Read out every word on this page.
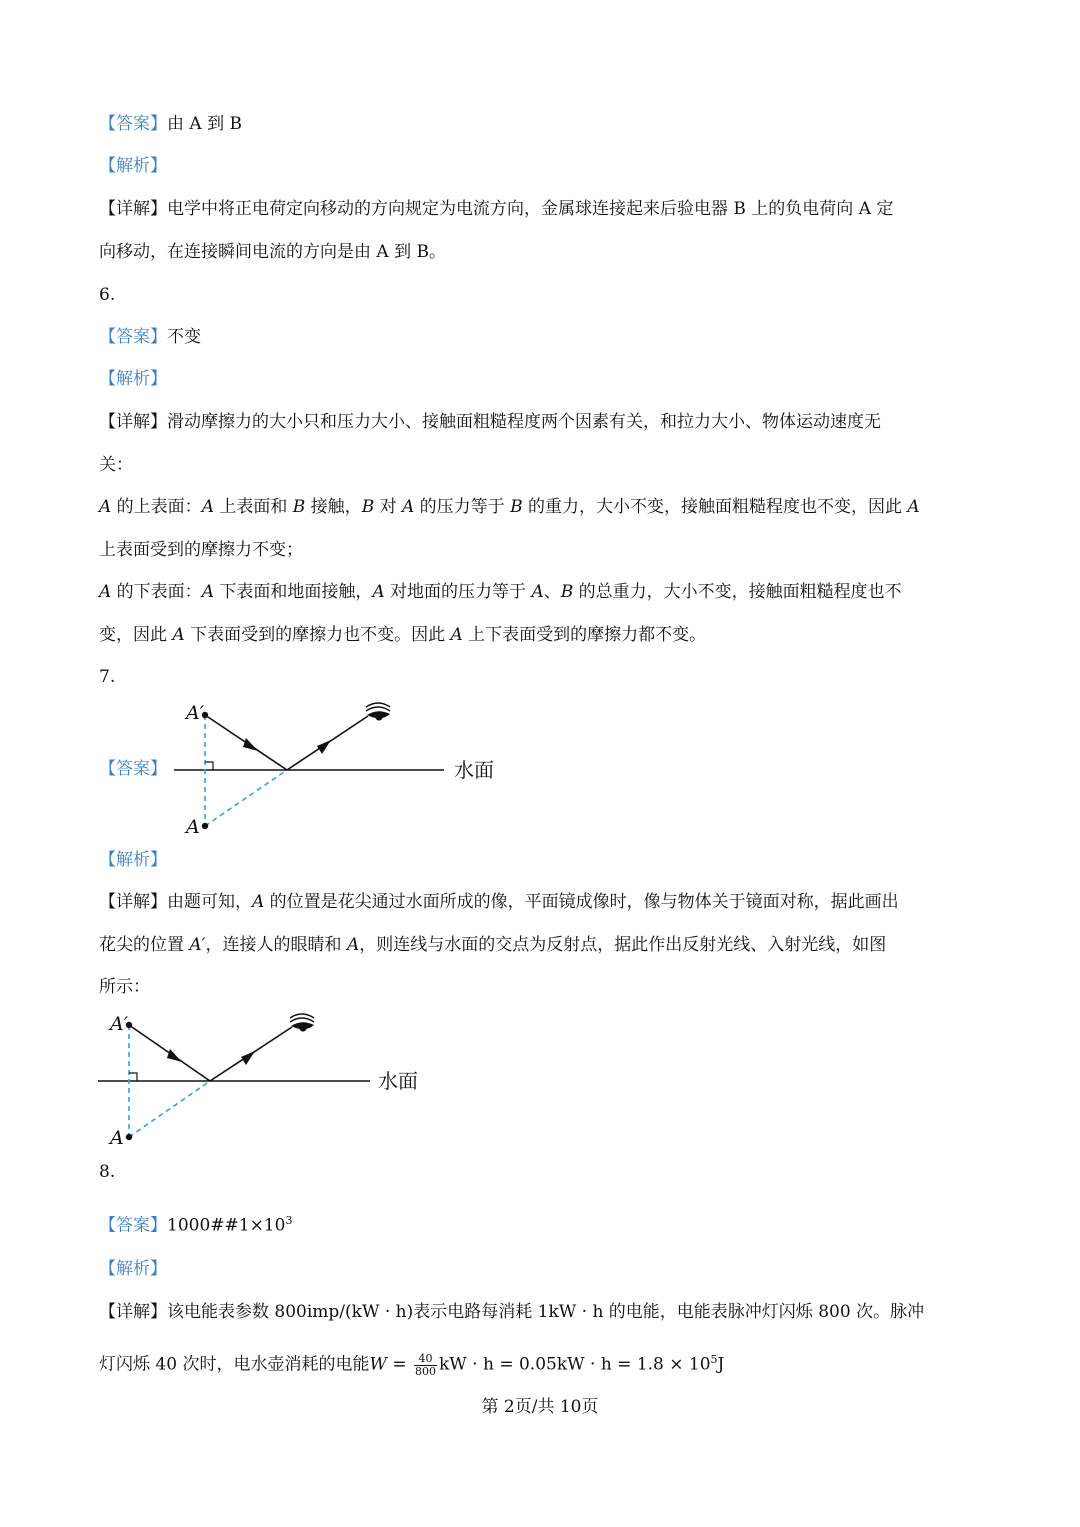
【答案】由 A 到 B
【解析】
【详解】电学中将正电荷定向移动的方向规定为电流方向，金属球连接起来后验电器 B 上的负电荷向 A 定
向移动，在连接瞬间电流的方向是由 A 到 B。
6.
【答案】不变
【解析】
【详解】滑动摩擦力的大小只和压力大小、接触面粗糙程度两个因素有关，和拉力大小、物体运动速度无
关：
A 的上表面：A 上表面和 B 接触，B 对 A 的压力等于 B 的重力，大小不变，接触面粗糙程度也不变，因此 A
上表面受到的摩擦力不变；
A 的下表面：A 下表面和地面接触，A 对地面的压力等于 A、B 的总重力，大小不变，接触面粗糙程度也不
变，因此 A 下表面受到的摩擦力也不变。因此 A 上下表面受到的摩擦力都不变。
7.
【答案】
A′
A
水面
【解析】
【详解】由题可知，A 的位置是花尖通过水面所成的像，平面镜成像时，像与物体关于镜面对称，据此画出
花尖的位置 A′，连接人的眼睛和 A，则连线与水面的交点为反射点，据此作出反射光线、入射光线，如图
所示：
A′
A
水面
8.
【答案】$1000\#\#1\times 10^3$
【解析】
【详解】该电能表参数 800imp/(kW · h)表示电路每消耗 1kW · h 的电能，电能表脉冲灯闪烁 800 次。脉冲
灯闪烁 40 次时，电水壶消耗的电能$W = \frac{40}{800}$ kW · $h = 0.05kW \cdot h = 1.8 \times 10^5J$
第 2页/共 10页
